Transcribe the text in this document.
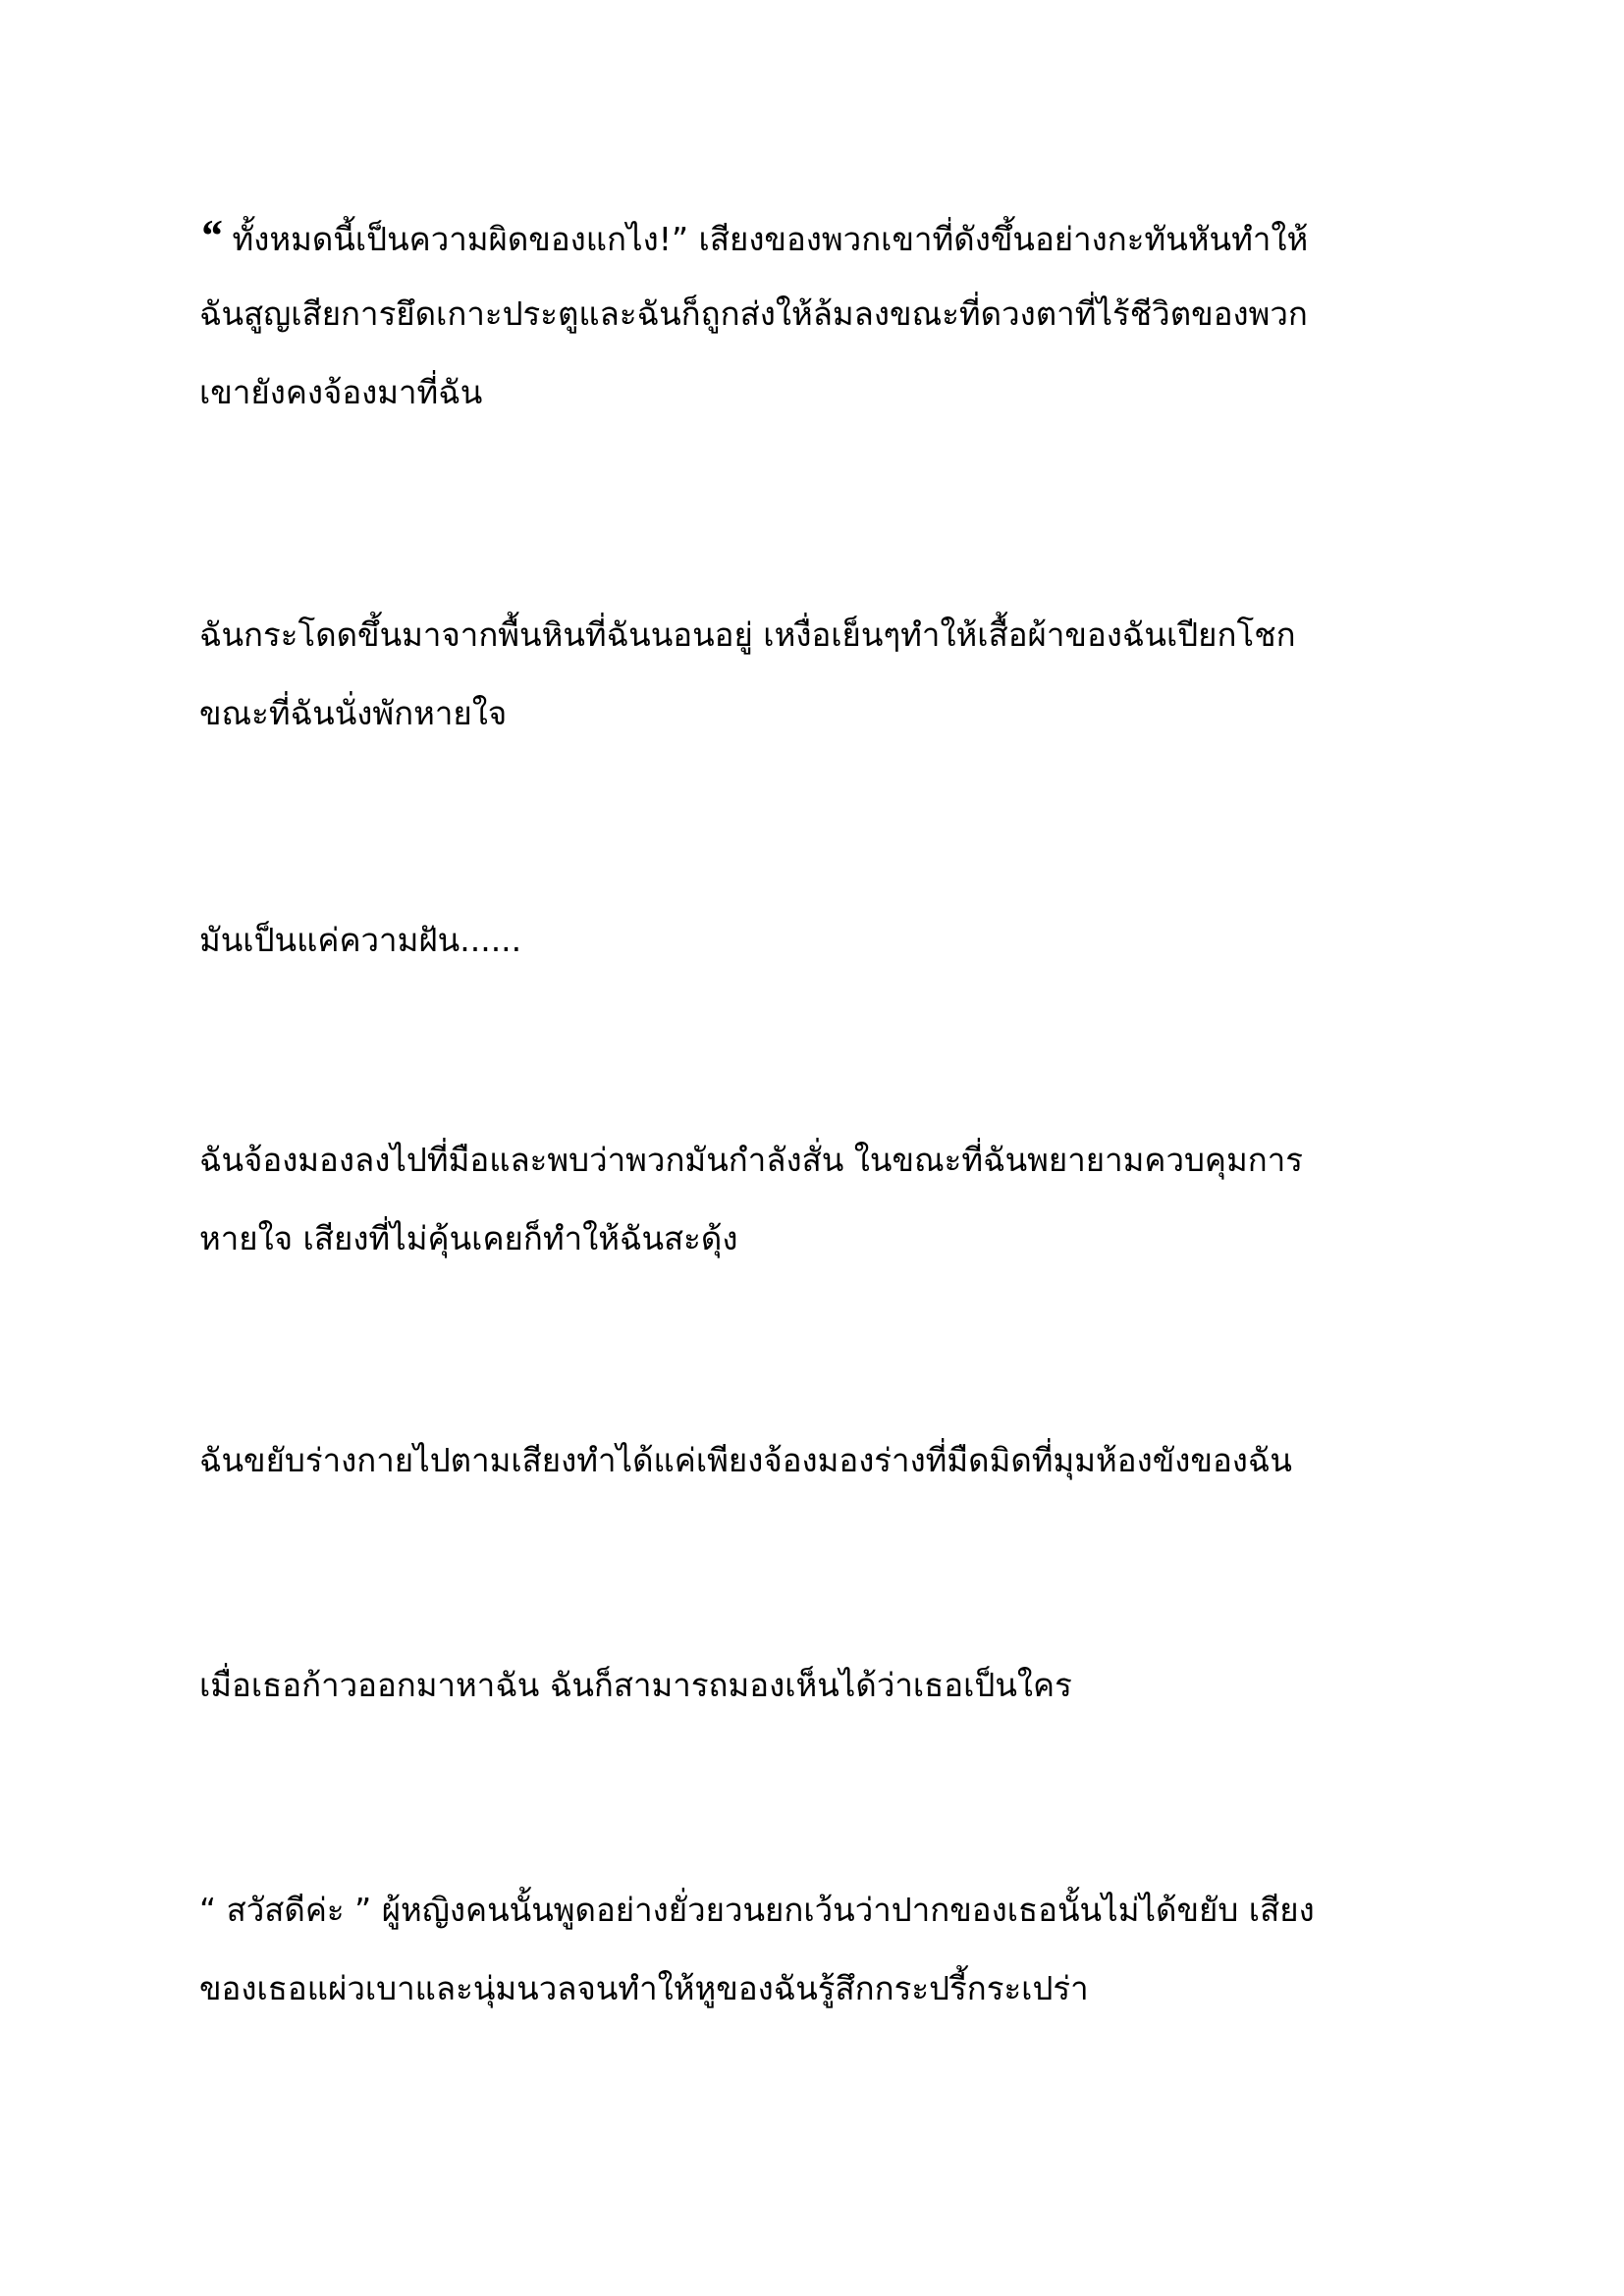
“ ทั้งหมดนี้เป็นความผิดของแกไง!” เสียงของพวกเขาที่ดังขึ้นอย่างกะทันหันทำให้
ฉันสูญเสียการยึดเกาะประตูและฉันก็ถูกส่งให้ล้มลงขณะที่ดวงตาที่ไร้ชีวิตของพวก
เขายังคงจ้องมาที่ฉัน
ฉันกระโดดขึ้นมาจากพื้นหินที่ฉันนอนอยู่ เหงื่อเย็นๆทำให้เสื้อผ้าของฉันเปียกโชก
ขณะที่ฉันนั่งพักหายใจ
มันเป็นแค่ความฝัน......
ฉันจ้องมองลงไปที่มือและพบว่าพวกมันกำลังสั่น ในขณะที่ฉันพยายามควบคุมการ
หายใจ เสียงที่ไม่คุ้นเคยก็ทำให้ฉันสะดุ้ง
ฉันขยับร่างกายไปตามเสียงทำได้แค่เพียงจ้องมองร่างที่มืดมิดที่มุมห้องขังของฉัน
เมื่อเธอก้าวออกมาหาฉัน ฉันก็สามารถมองเห็นได้ว่าเธอเป็นใคร
“ สวัสดีค่ะ ” ผู้หญิงคนนั้นพูดอย่างยั่วยวนยกเว้นว่าปากของเธอนั้นไม่ได้ขยับ เสียง
ของเธอแผ่วเบาและนุ่มนวลจนทำให้หูของฉันรู้สึกกระปรี้กระเปร่า
